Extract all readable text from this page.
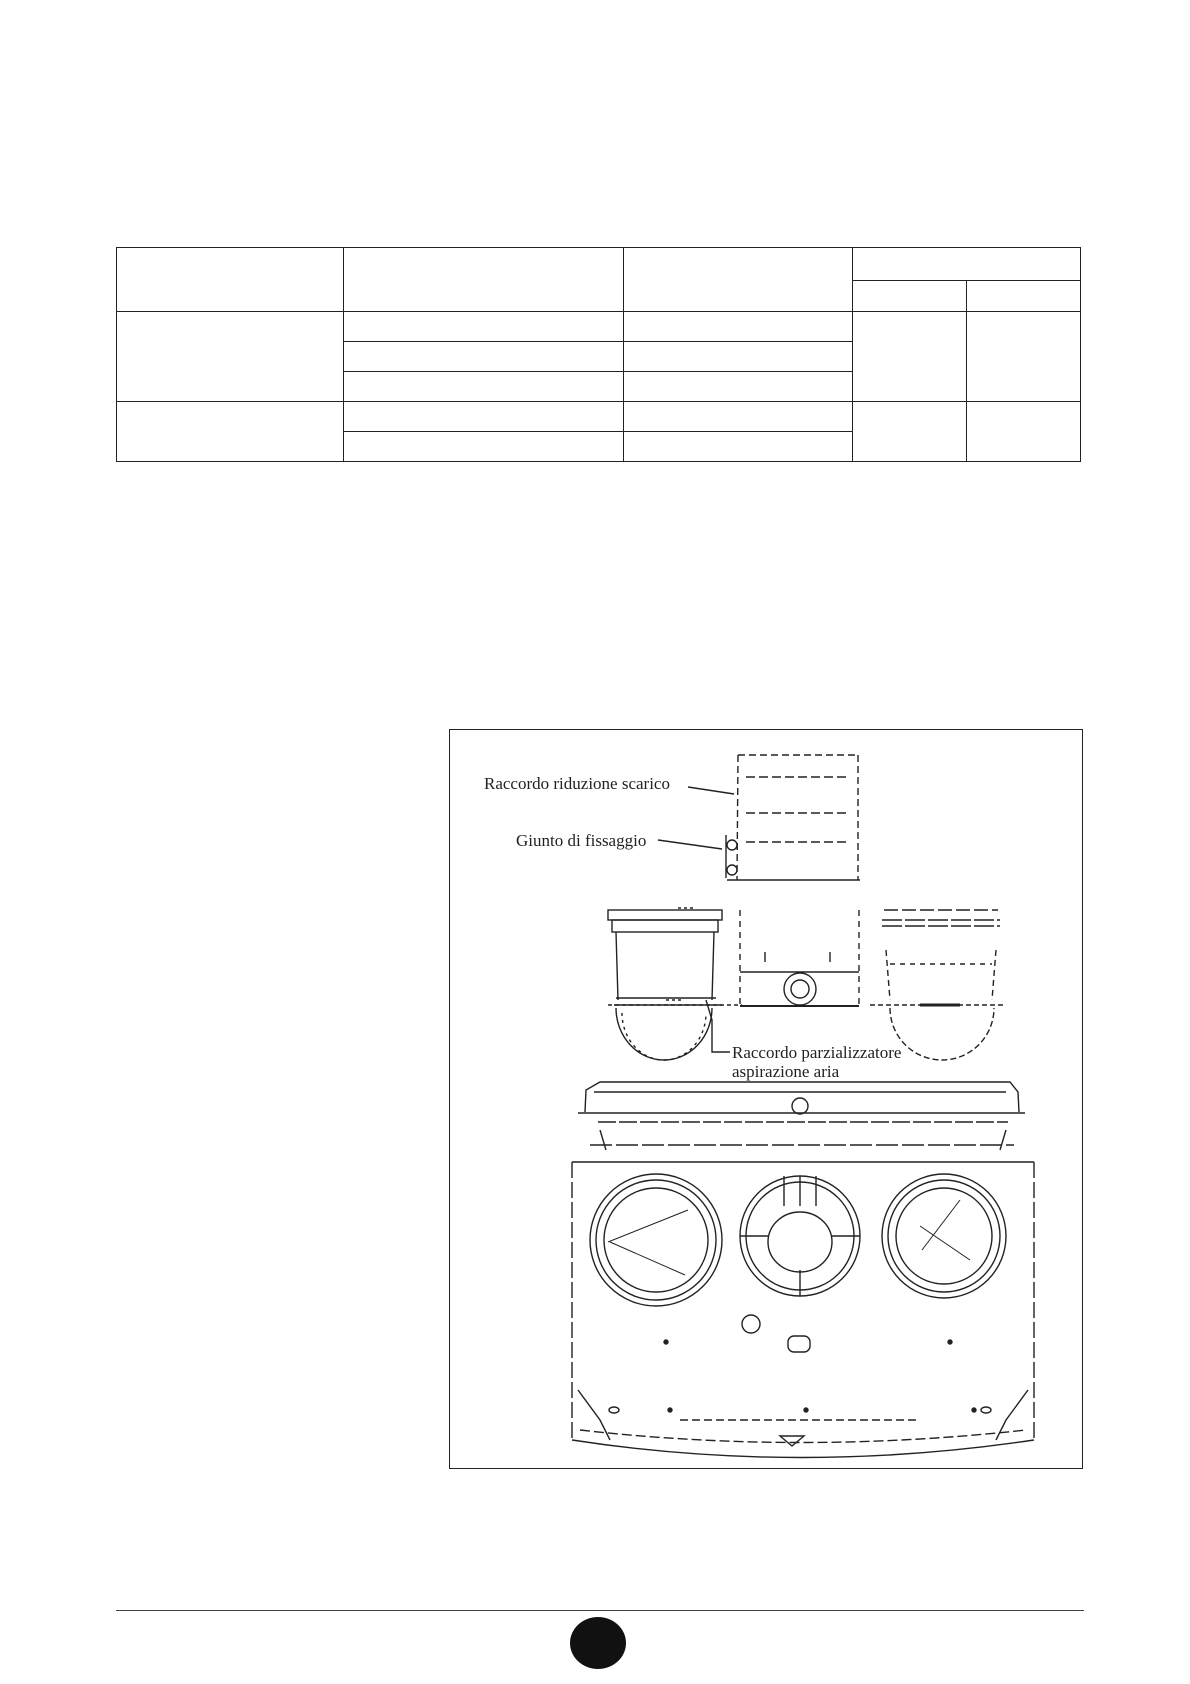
Raccordo riduzione scarico
Giunto di fissaggio
Raccordo parzializzatore
aspirazione aria
